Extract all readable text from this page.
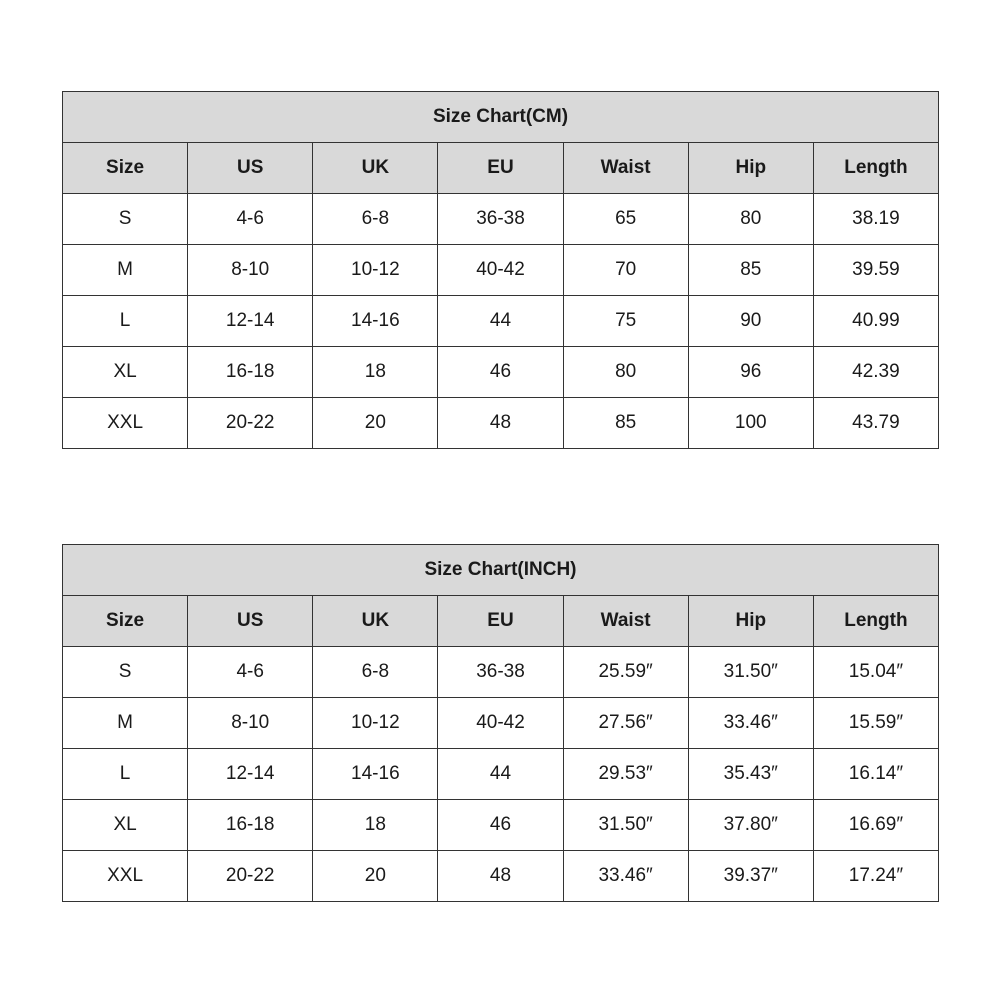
Size Chart(CM)						
Size	US	UK	EU	Waist	Hip	Length
S	4-6	6-8	36-38	65	80	38.19
M	8-10	10-12	40-42	70	85	39.59
L	12-14	14-16	44	75	90	40.99
XL	16-18	18	46	80	96	42.39
XXL	20-22	20	48	85	100	43.79
Size Chart(INCH)						
Size	US	UK	EU	Waist	Hip	Length
S	4-6	6-8	36-38	25.59″	31.50″	15.04″
M	8-10	10-12	40-42	27.56″	33.46″	15.59″
L	12-14	14-16	44	29.53″	35.43″	16.14″
XL	16-18	18	46	31.50″	37.80″	16.69″
XXL	20-22	20	48	33.46″	39.37″	17.24″
